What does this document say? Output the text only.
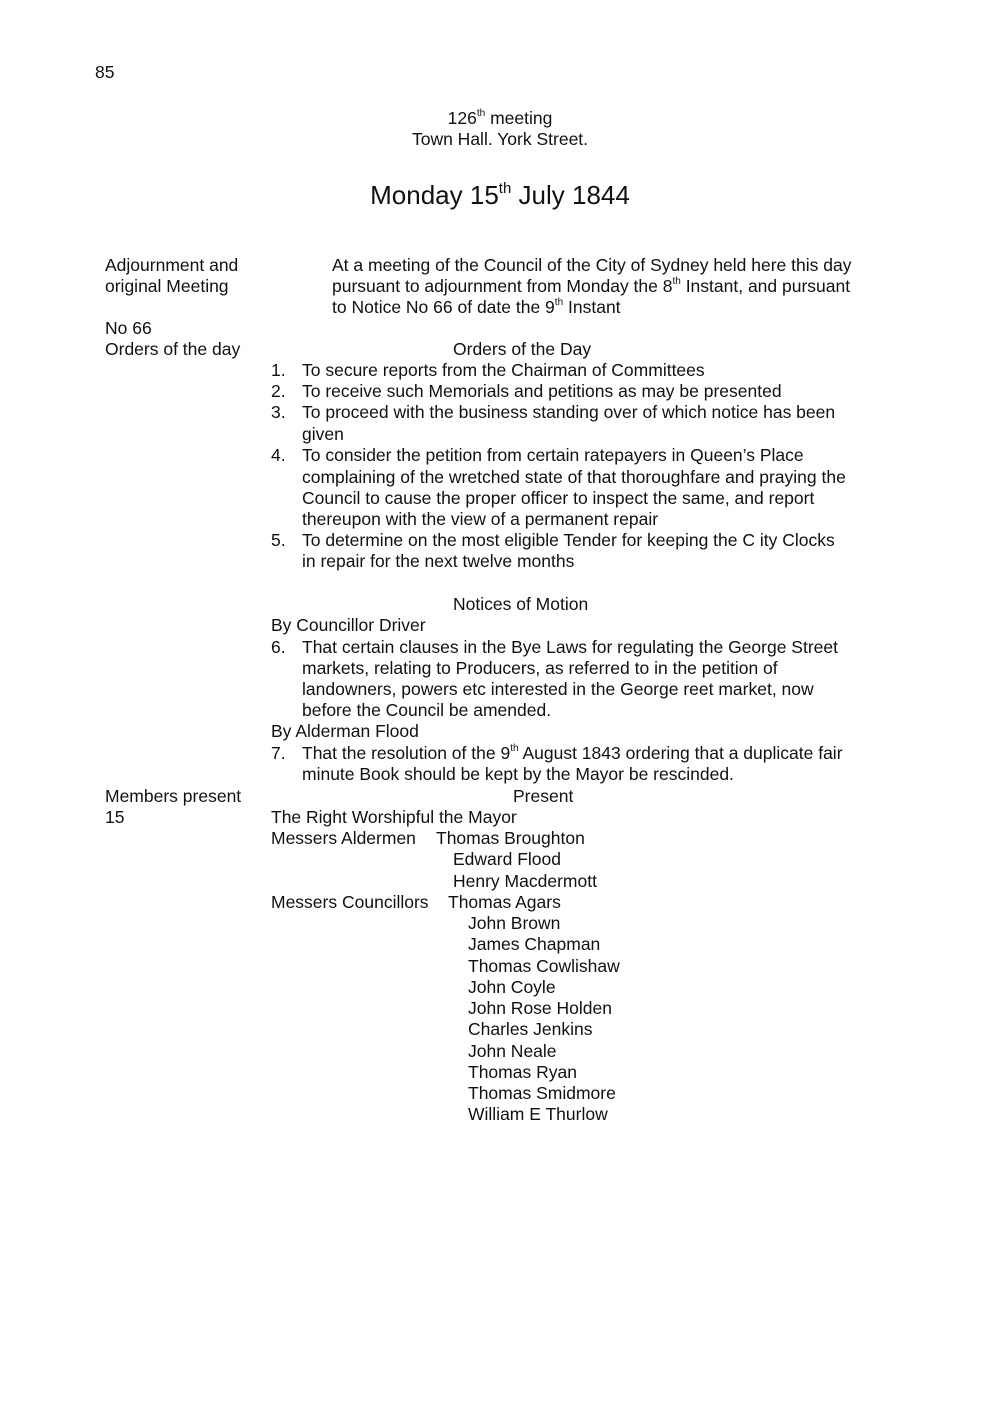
85
126th meeting
Town Hall. York Street.
Monday 15th July 1844
Adjournment and
original Meeting
No 66
Orders of the day
Members present
15
At a meeting of the Council of the City of Sydney held here this day
pursuant to adjournment from Monday the 8th Instant, and pursuant
to Notice No 66 of date the 9th Instant
Orders of the Day
1. To secure reports from the Chairman of Committees
2. To receive such Memorials and petitions as may be presented
3. To proceed with the business standing over of which notice has been
given
4. To consider the petition from certain ratepayers in Queen’s Place
complaining of the wretched state of that thoroughfare and praying the
Council to cause the proper officer to inspect the same, and report
thereupon with the view of a permanent repair
5. To determine on the most eligible Tender for keeping the C ity Clocks
in repair for the next twelve months
Notices of Motion
By Councillor Driver
6. That certain clauses in the Bye Laws for regulating the George Street
markets, relating to Producers, as referred to in the petition of
landowners, powers etc interested in the George reet market, now
before the Council be amended.
By Alderman Flood
7. That the resolution of the 9th August 1843 ordering that a duplicate fair
minute Book should be kept by the Mayor be rescinded.
Present
The Right Worshipful the Mayor
Messers Aldermen Thomas Broughton
Edward Flood
Henry Macdermott
Messers Councillors Thomas Agars
John Brown
James Chapman
Thomas Cowlishaw
John Coyle
John Rose Holden
Charles Jenkins
John Neale
Thomas Ryan
Thomas Smidmore
William E Thurlow
